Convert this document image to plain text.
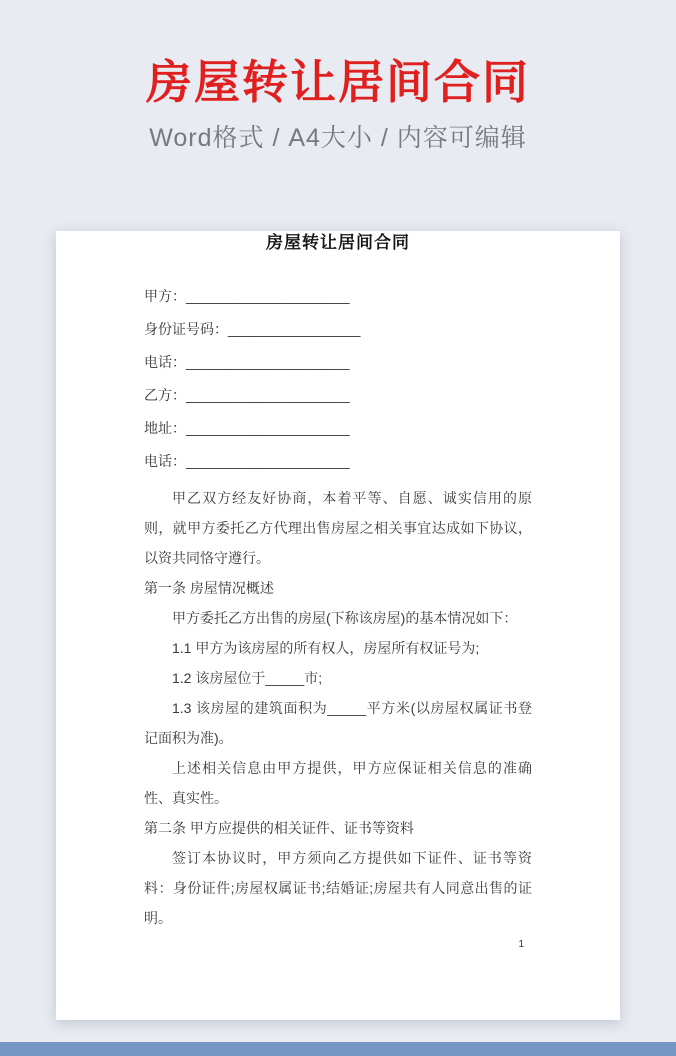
房屋转让居间合同
Word格式 / A4大小 / 内容可编辑
房屋转让居间合同
甲方：_____________________
身份证号码：_________________
电话：_____________________
乙方：_____________________
地址：_____________________
电话：_____________________

甲乙双方经友好协商，本着平等、自愿、诚实信用的原则，就甲方委托乙方代理出售房屋之相关事宜达成如下协议，以资共同恪守遵行。

第一条 房屋情况概述

甲方委托乙方出售的房屋(下称该房屋)的基本情况如下：

1.1 甲方为该房屋的所有权人，房屋所有权证号为;

1.2 该房屋位于_____市;

1.3 该房屋的建筑面积为_____平方米(以房屋权属证书登记面积为准)。

上述相关信息由甲方提供，甲方应保证相关信息的准确性、真实性。

第二条 甲方应提供的相关证件、证书等资料

签订本协议时，甲方须向乙方提供如下证件、证书等资料：身份证件;房屋权属证书;结婚证;房屋共有人同意出售的证明。

1
